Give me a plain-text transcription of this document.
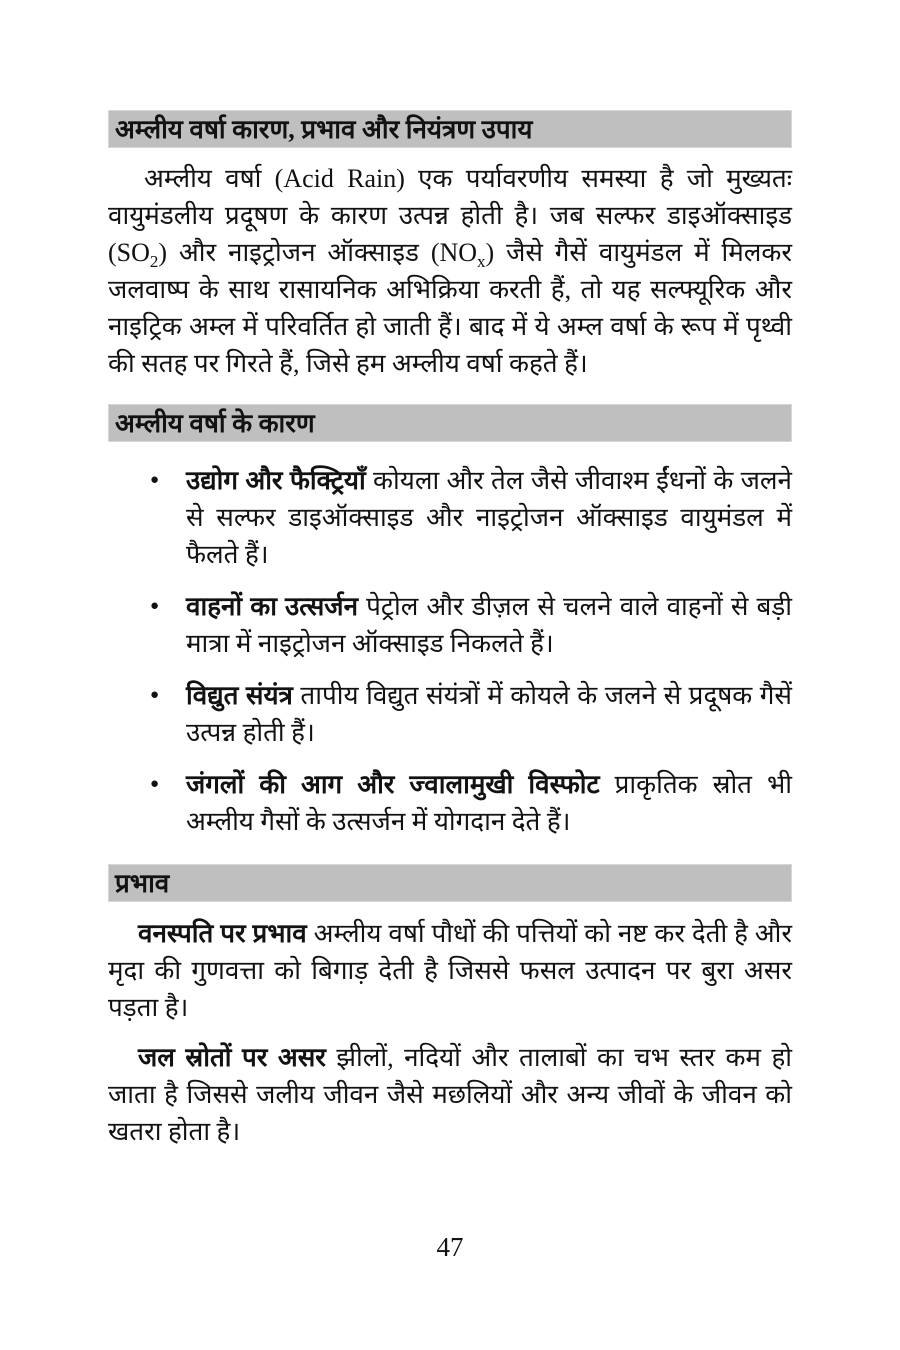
अम्लीय वर्षा कारण, प्रभाव और नियंत्रण उपाय

अम्लीय वर्षा (Acid Rain) एक पर्यावरणीय समस्या है जो मुख्यतः वायुमंडलीय प्रदूषण के कारण उत्पन्न होती है। जब सल्फर डाइऑक्साइड $(SO_2)$ और नाइट्रोजन ऑक्साइड $(NO_x)$ जैसे गैसें वायुमंडल में मिलकर जलवाष्प के साथ रासायनिक अभिक्रिया करती हैं, तो यह सल्फ्यूरिक और नाइट्रिक अम्ल में परिवर्तित हो जाती हैं। बाद में ये अम्ल वर्षा के रूप में पृथ्वी की सतह पर गिरते हैं, जिसे हम अम्लीय वर्षा कहते हैं।

अम्लीय वर्षा के कारण
● उद्योग और फैक्ट्रियाँ कोयला और तेल जैसे जीवाश्म ईंधनों के जलने से सल्फर डाइऑक्साइड और नाइट्रोजन ऑक्साइड वायुमंडल में फैलते हैं।
● वाहनों का उत्सर्जन पेट्रोल और डीज़ल से चलने वाले वाहनों से बड़ी मात्रा में नाइट्रोजन ऑक्साइड निकलते हैं।
● विद्युत संयंत्र तापीय विद्युत संयंत्रों में कोयले के जलने से प्रदूषक गैसें उत्पन्न होती हैं।
● जंगलों की आग और ज्वालामुखी विस्फोट प्राकृतिक स्रोत भी अम्लीय गैसों के उत्सर्जन में योगदान देते हैं।
प्रभाव

वनस्पति पर प्रभाव अम्लीय वर्षा पौधों की पत्तियों को नष्ट कर देती है और मृदा की गुणवत्ता को बिगाड़ देती है जिससे फसल उत्पादन पर बुरा असर पड़ता है।

जल स्रोतों पर असर झीलों, नदियों और तालाबों का चभ स्तर कम हो जाता है जिससे जलीय जीवन जैसे मछलियों और अन्य जीवों के जीवन को खतरा होता है।

47
